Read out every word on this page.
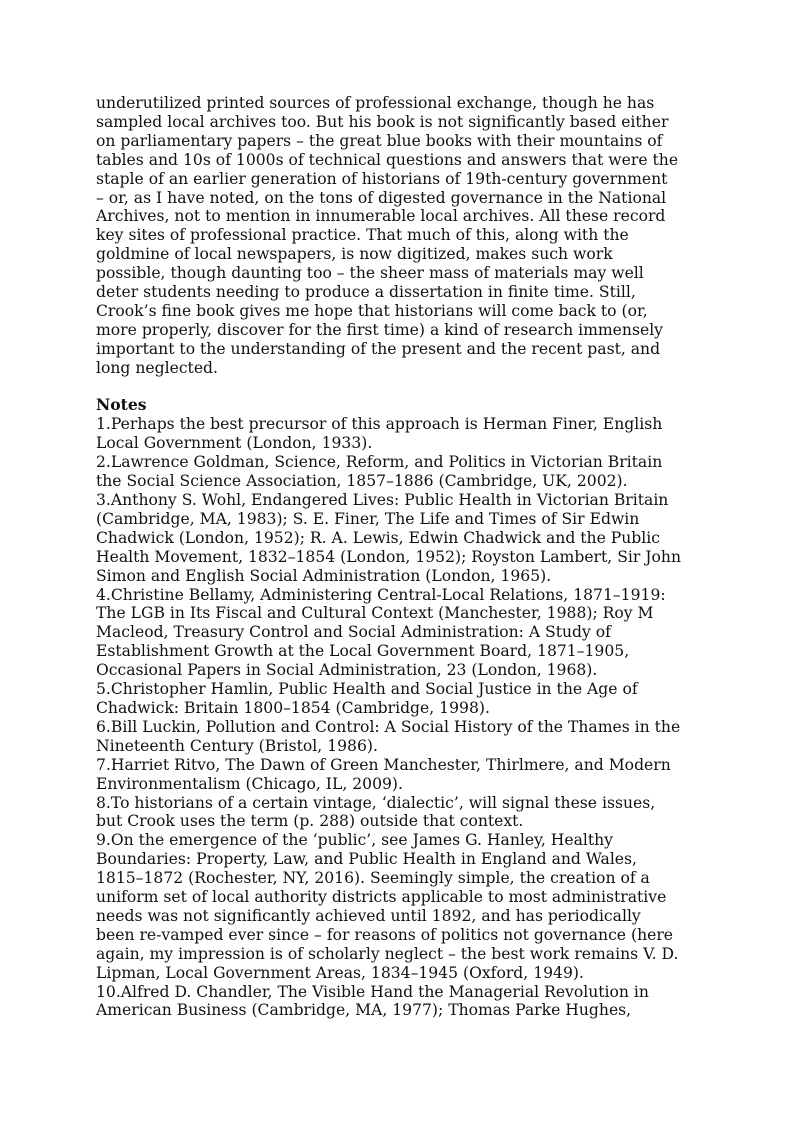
underutilized printed sources of professional exchange, though he has
sampled local archives too. But his book is not significantly based either
on parliamentary papers – the great blue books with their mountains of
tables and 10s of 1000s of technical questions and answers that were the
staple of an earlier generation of historians of 19th-century government
– or, as I have noted, on the tons of digested governance in the National
Archives, not to mention in innumerable local archives. All these record
key sites of professional practice. That much of this, along with the
goldmine of local newspapers, is now digitized, makes such work
possible, though daunting too – the sheer mass of materials may well
deter students needing to produce a dissertation in finite time. Still,
Crook’s fine book gives me hope that historians will come back to (or,
more properly, discover for the first time) a kind of research immensely
important to the understanding of the present and the recent past, and
long neglected.

Notes

1.Perhaps the best precursor of this approach is Herman Finer, English
Local Government (London, 1933).

2.Lawrence Goldman, Science, Reform, and Politics in Victorian Britain
the Social Science Association, 1857–1886 (Cambridge, UK, 2002).

3.Anthony S. Wohl, Endangered Lives: Public Health in Victorian Britain
(Cambridge, MA, 1983); S. E. Finer, The Life and Times of Sir Edwin
Chadwick (London, 1952); R. A. Lewis, Edwin Chadwick and the Public
Health Movement, 1832–1854 (London, 1952); Royston Lambert, Sir John
Simon and English Social Administration (London, 1965).

4.Christine Bellamy, Administering Central-Local Relations, 1871–1919:
The LGB in Its Fiscal and Cultural Context (Manchester, 1988); Roy M
Macleod, Treasury Control and Social Administration: A Study of
Establishment Growth at the Local Government Board, 1871–1905,
Occasional Papers in Social Administration, 23 (London, 1968).

5.Christopher Hamlin, Public Health and Social Justice in the Age of
Chadwick: Britain 1800–1854 (Cambridge, 1998).

6.Bill Luckin, Pollution and Control: A Social History of the Thames in the
Nineteenth Century (Bristol, 1986).

7.Harriet Ritvo, The Dawn of Green Manchester, Thirlmere, and Modern
Environmentalism (Chicago, IL, 2009).

8.To historians of a certain vintage, ‘dialectic’, will signal these issues,
but Crook uses the term (p. 288) outside that context.

9.On the emergence of the ‘public’, see James G. Hanley, Healthy
Boundaries: Property, Law, and Public Health in England and Wales,
1815–1872 (Rochester, NY, 2016). Seemingly simple, the creation of a
uniform set of local authority districts applicable to most administrative
needs was not significantly achieved until 1892, and has periodically
been re-vamped ever since – for reasons of politics not governance (here
again, my impression is of scholarly neglect – the best work remains V. D.
Lipman, Local Government Areas, 1834–1945 (Oxford, 1949).

10.Alfred D. Chandler, The Visible Hand the Managerial Revolution in
American Business (Cambridge, MA, 1977); Thomas Parke Hughes,
